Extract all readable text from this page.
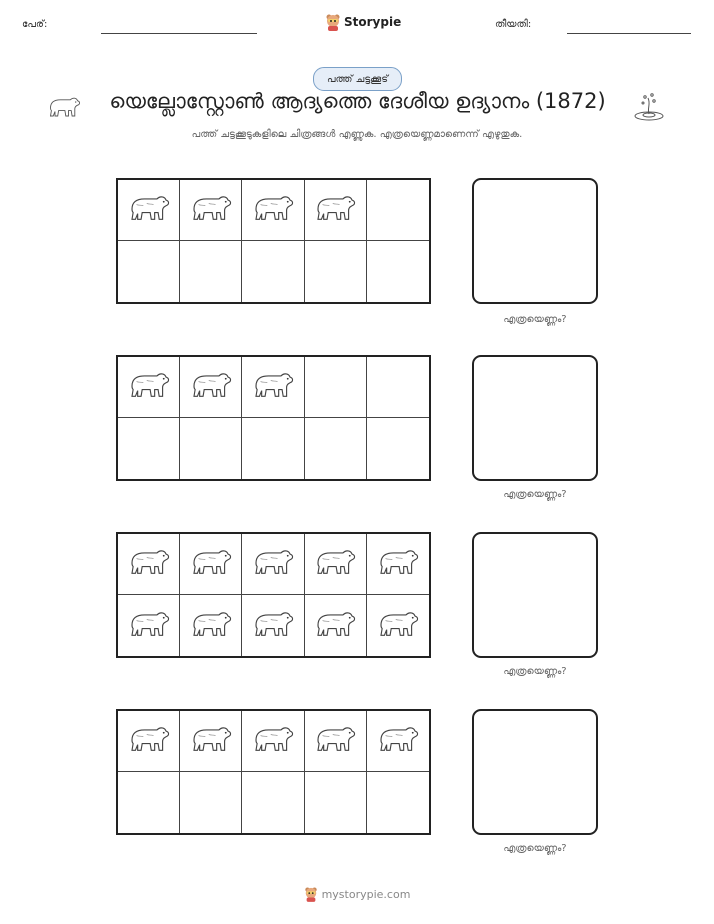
പേര്:	Storypie	തീയതി:
പത്ത് ചട്ടക്കൂട്
യെല്ലോസ്റ്റോൺ ആദ്യത്തെ ദേശീയ ഉദ്യാനം (1872)
പത്ത് ചട്ടക്കൂടുകളിലെ ചിത്രങ്ങൾ എണ്ണുക. എത്രയെണ്ണമാണെന്ന് എഴുതുക.
എത്രയെണ്ണം?
എത്രയെണ്ണം?
എത്രയെണ്ണം?
എത്രയെണ്ണം?
mystorypie.com
